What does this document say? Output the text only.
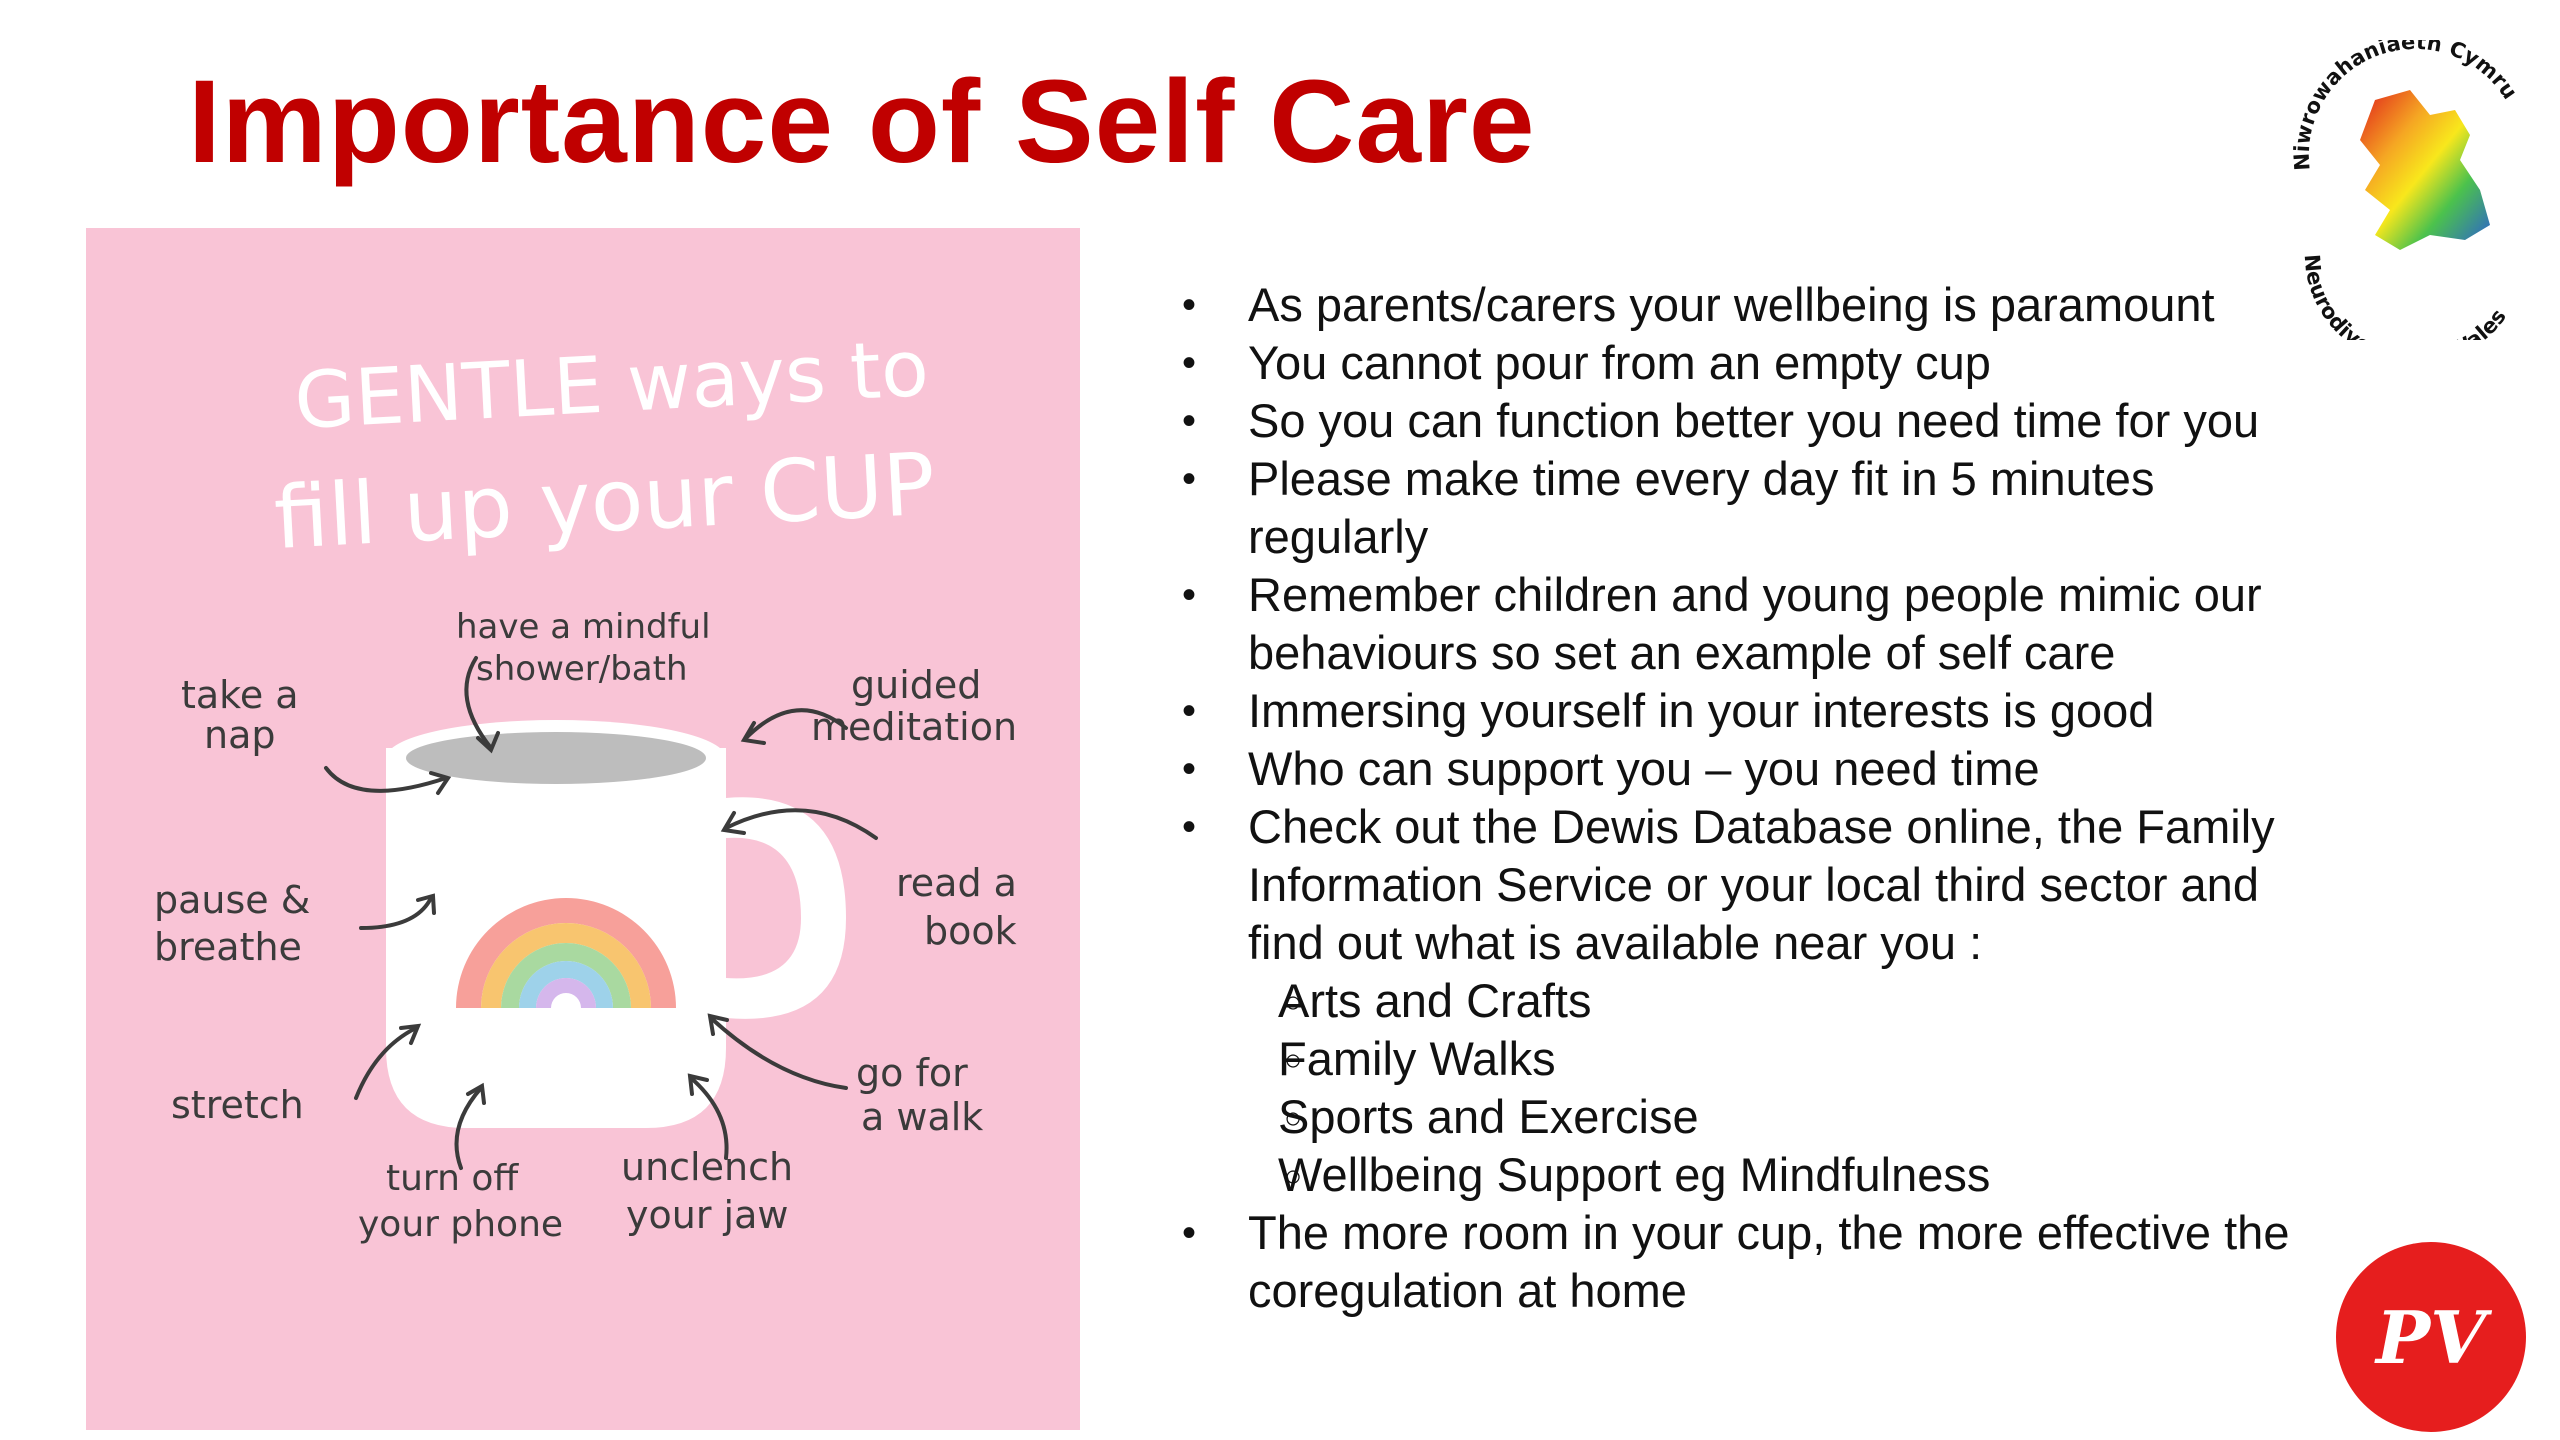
Importance of Self Care
GENTLE ways to
fill up your CUP
have a mindful
shower/bath
take a
nap
guided
meditation
pause &
breathe
read a
book
stretch
go for
a walk
turn off
your phone
unclench
your jaw
• As parents/carers your wellbeing is paramount
• You cannot pour from an empty cup
• So you can function better you need time for you
• Please make time every day fit in 5 minutes regularly
• Remember children and young people mimic our behaviours so set an example of self care
• Immersing yourself in your interests is good
• Who can support you – you need time
• Check out the Dewis Database online, the Family Information Service or your local third sector and find out what is available near you :
○ Arts and Crafts
○ Family Walks
○ Sports and Exercise
○ Wellbeing Support eg Mindfulness
• The more room in your cup, the more effective the coregulation at home
Niwrowahaniaeth Cymru
Neurodiv ales
PV
